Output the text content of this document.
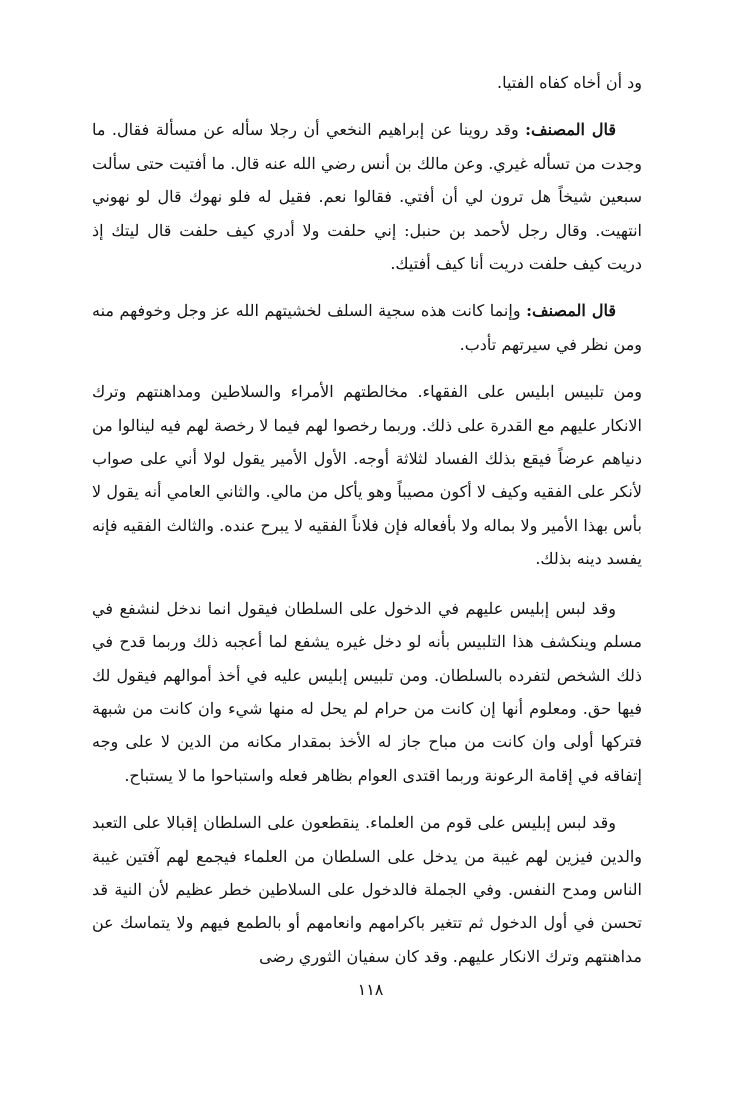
ود أن أخاه كفاه الفتيا.

قال المصنف: وقد روينا عن إبراهيم النخعي أن رجلا سأله عن مسألة فقال. ما وجدت من تسأله غيري. وعن مالك بن أنس رضي الله عنه قال. ما أفتيت حتى سألت سبعين شيخاً هل ترون لي أن أفتي. فقالوا نعم. فقيل له فلو نهوك قال لو نهوني انتهيت. وقال رجل لأحمد بن حنبل: إني حلفت ولا أدري كيف حلفت قال ليتك إذ دريت كيف حلفت دريت أنا كيف أفتيك.

قال المصنف: وإنما كانت هذه سجية السلف لخشيتهم الله عز وجل وخوفهم منه ومن نظر في سيرتهم تأدب.

ومن تلبيس ابليس على الفقهاء. مخالطتهم الأمراء والسلاطين ومداهنتهم وترك الانكار عليهم مع القدرة على ذلك. وربما رخصوا لهم فيما لا رخصة لهم فيه لينالوا من دنياهم عرضاً فيقع بذلك الفساد لثلاثة أوجه. الأول الأمير يقول لولا أني على صواب لأنكر على الفقيه وكيف لا أكون مصيباً وهو يأكل من مالي. والثاني العامي أنه يقول لا بأس بهذا الأمير ولا بماله ولا بأفعاله فإن فلاناً الفقيه لا يبرح عنده. والثالث الفقيه فإنه يفسد دينه بذلك.

وقد لبس إبليس عليهم في الدخول على السلطان فيقول انما ندخل لنشفع في مسلم وينكشف هذا التلبيس بأنه لو دخل غيره يشفع لما أعجبه ذلك وربما قدح في ذلك الشخص لتفرده بالسلطان. ومن تلبيس إبليس عليه في أخذ أموالهم فيقول لك فيها حق. ومعلوم أنها إن كانت من حرام لم يحل له منها شيء وان كانت من شبهة فتركها أولى وان كانت من مباح جاز له الأخذ بمقدار مكانه من الدين لا على وجه إتفاقه في إقامة الرعونة وربما اقتدى العوام بظاهر فعله واستباحوا ما لا يستباح.

وقد لبس إبليس على قوم من العلماء. ينقطعون على السلطان إقبالا على التعبد والدين فيزين لهم غيبة من يدخل على السلطان من العلماء فيجمع لهم آفتين غيبة الناس ومدح النفس. وفي الجملة فالدخول على السلاطين خطر عظيم لأن النية قد تحسن في أول الدخول ثم تتغير باكرامهم وانعامهم أو بالطمع فيهم ولا يتماسك عن مداهنتهم وترك الانكار عليهم. وقد كان سفيان الثوري رضى

١١٨
